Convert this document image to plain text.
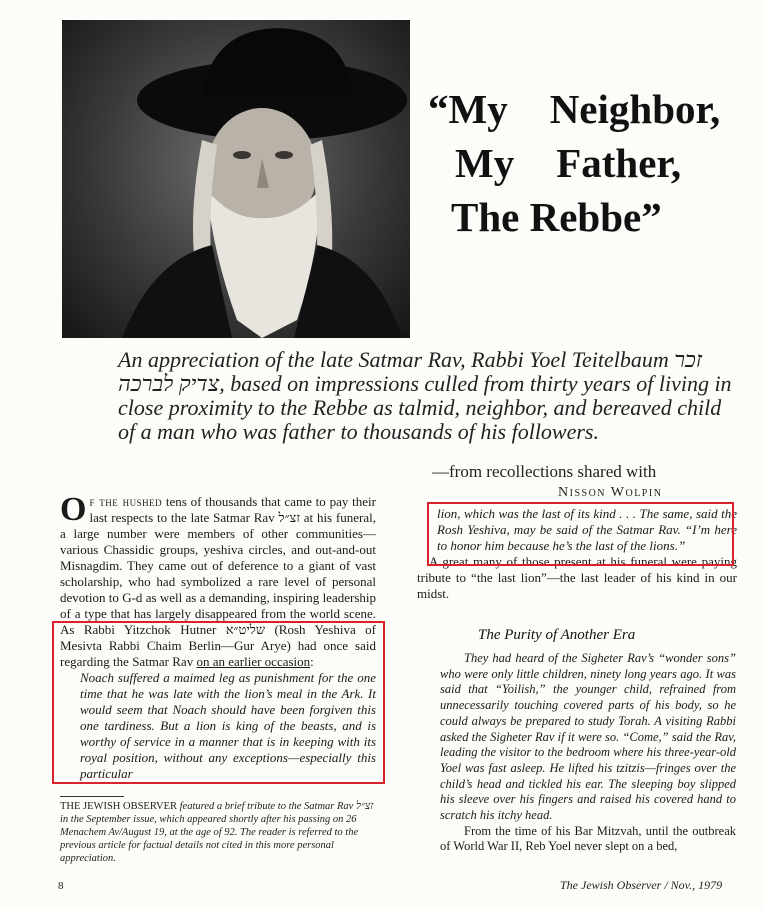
“My Neighbor,
My Father,
The Rebbe”
An appreciation of the late Satmar Rav, Rabbi Yoel Teitelbaum זכר צדיק לברכה, based on impressions culled from thirty years of living in close proximity to the Rebbe as talmid, neighbor, and bereaved child of a man who was father to thousands of his followers.
—from recollections shared with
Nisson Wolpin
Of the hushed tens of thousands that came to pay their last respects to the late Satmar Rav זצ״ל at his funeral, a large number were members of other communities—various Chassidic groups, yeshiva circles, and out-and-out Misnagdim. They came out of deference to a giant of vast scholarship, who had symbolized a rare level of personal devotion to G-d as well as a demanding, inspiring leadership of a type that has largely disappeared from the world scene. As Rabbi Yitzchok Hutner שליט״א (Rosh Yeshiva of Mesivta Rabbi Chaim Berlin—Gur Arye) had once said regarding the Satmar Rav on an earlier occasion:
Noach suffered a maimed leg as punishment for the one time that he was late with the lion’s meal in the Ark. It would seem that Noach should have been forgiven this one tardiness. But a lion is king of the beasts, and is worthy of service in a manner that is in keeping with its royal position, without any exceptions—especially this particular
lion, which was the last of its kind . . . The same, said the Rosh Yeshiva, may be said of the Satmar Rav. “I’m here to honor him because he’s the last of the lions.”
A great many of those present at his funeral were paying tribute to “the last lion”—the last leader of his kind in our midst.
The Purity of Another Era
They had heard of the Sigheter Rav’s “wonder sons” who were only little children, ninety long years ago. It was said that “Yoilish,” the younger child, refrained from unnecessarily touching covered parts of his body, so he could always be prepared to study Torah. A visiting Rabbi asked the Sigheter Rav if it were so. “Come,” said the Rav, leading the visitor to the bedroom where his three-year-old Yoel was fast asleep. He lifted his tzitzis—fringes over the child’s head and tickled his ear. The sleeping boy slipped his sleeve over his fingers and raised his covered hand to scratch his itchy head.
From the time of his Bar Mitzvah, until the outbreak of World War II, Reb Yoel never slept on a bed,
THE JEWISH OBSERVER featured a brief tribute to the Satmar Rav זצ״ל in the September issue, which appeared shortly after his passing on 26 Menachem Av/August 19, at the age of 92. The reader is referred to the previous article for factual details not cited in this more personal appreciation.
8	The Jewish Observer / Nov., 1979
